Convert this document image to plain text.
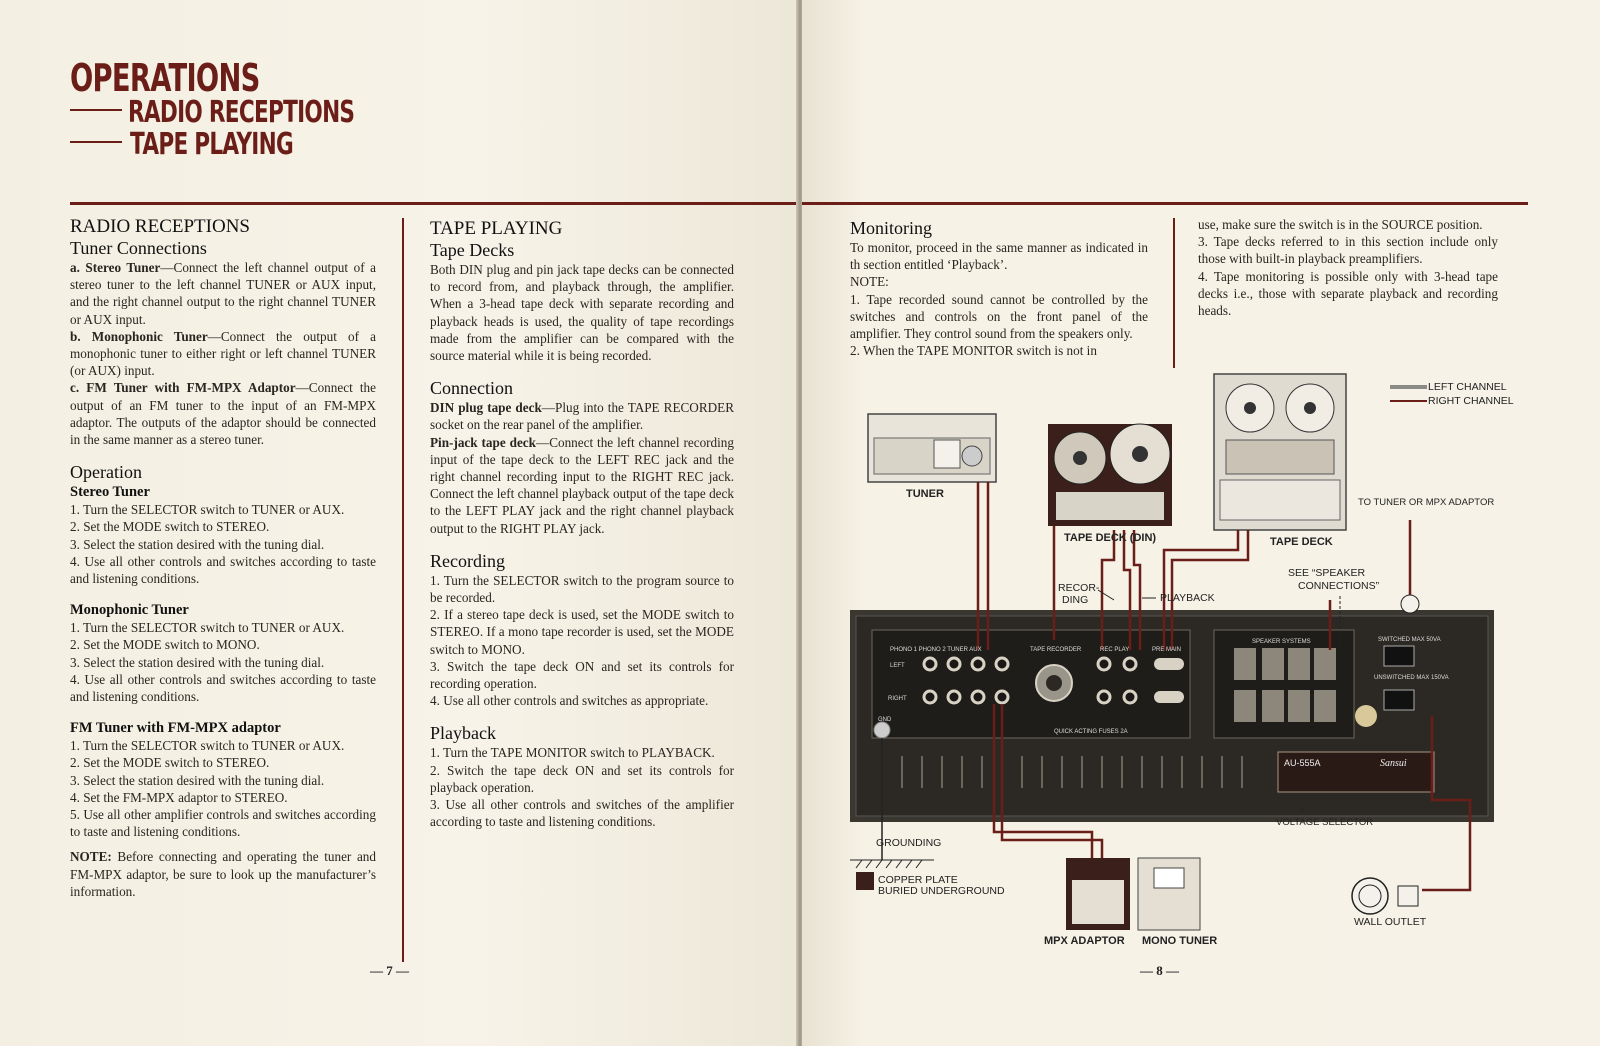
OPERATIONS
RADIO RECEPTIONS
TAPE PLAYING
RADIO RECEPTIONS
Tuner Connections

a. Stereo Tuner—Connect the left channel output of a stereo tuner to the left channel TUNER or AUX input, and the right channel output to the right channel TUNER or AUX input.

b. Monophonic Tuner—Connect the output of a monophonic tuner to either right or left channel TUNER (or AUX) input.

c. FM Tuner with FM-MPX Adaptor—Connect the output of an FM tuner to the input of an FM-MPX adaptor. The outputs of the adaptor should be connected in the same manner as a stereo tuner.

Operation
Stereo Tuner

1. Turn the SELECTOR switch to TUNER or AUX.

2. Set the MODE switch to STEREO.

3. Select the station desired with the tuning dial.

4. Use all other controls and switches according to taste and listening conditions.

Monophonic Tuner

1. Turn the SELECTOR switch to TUNER or AUX.

2. Set the MODE switch to MONO.

3. Select the station desired with the tuning dial.

4. Use all other controls and switches according to taste and listening conditions.

FM Tuner with FM-MPX adaptor

1. Turn the SELECTOR switch to TUNER or AUX.

2. Set the MODE switch to STEREO.

3. Select the station desired with the tuning dial.

4. Set the FM-MPX adaptor to STEREO.

5. Use all other amplifier controls and switches according to taste and listening conditions.

NOTE: Before connecting and operating the tuner and FM-MPX adaptor, be sure to look up the manufacturer’s information.

TAPE PLAYING
Tape Decks

Both DIN plug and pin jack tape decks can be connected to record from, and playback through, the amplifier. When a 3-head tape deck with separate recording and playback heads is used, the quality of tape recordings made from the amplifier can be compared with the source material while it is being recorded.

Connection

DIN plug tape deck—Plug into the TAPE RECORDER socket on the rear panel of the amplifier.

Pin-jack tape deck—Connect the left channel recording input of the tape deck to the LEFT REC jack and the right channel recording input to the RIGHT REC jack. Connect the left channel playback output of the tape deck to the LEFT PLAY jack and the right channel playback output to the RIGHT PLAY jack.

Recording

1. Turn the SELECTOR switch to the program source to be recorded.

2. If a stereo tape deck is used, set the MODE switch to STEREO. If a mono tape recorder is used, set the MODE switch to MONO.

3. Switch the tape deck ON and set its controls for recording operation.

4. Use all other controls and switches as appropriate.

Playback

1. Turn the TAPE MONITOR switch to PLAYBACK.

2. Switch the tape deck ON and set its controls for playback operation.

3. Use all other controls and switches of the amplifier according to taste and listening conditions.

— 7 —
Monitoring

To monitor, proceed in the same manner as indicated in th section entitled ‘Playback’.

NOTE:

1. Tape recorded sound cannot be controlled by the switches and controls on the front panel of the amplifier. They control sound from the speakers only.

2. When the TAPE MONITOR switch is not in

use, make sure the switch is in the SOURCE position.

3. Tape decks referred to in this section include only those with built-in playback preamplifiers.

4. Tape monitoring is possible only with 3-head tape decks i.e., those with separate playback and recording heads.

PHONO 1 PHONO 2 TUNER AUX	TAPE RECORDER	REC PLAY	PRE MAIN
SPEAKER SYSTEMS
LEFT
RIGHT
GND
QUICK ACTING FUSES 2A
SWITCHED MAX 50VA
UNSWITCHED MAX 150VA
AU-555A	Sansui
TUNER
TAPE DECK (DIN)	TAPE DECK
LEFT CHANNEL
RIGHT CHANNEL
TO TUNER OR MPX ADAPTOR
SEE “SPEAKER
CONNECTIONS”
RECOR-
DING	PLAYBACK
GROUNDING
COPPER PLATE
BURIED UNDERGROUND
VOLTAGE SELECTOR
WALL OUTLET
MPX ADAPTOR MONO TUNER
— 8 —
